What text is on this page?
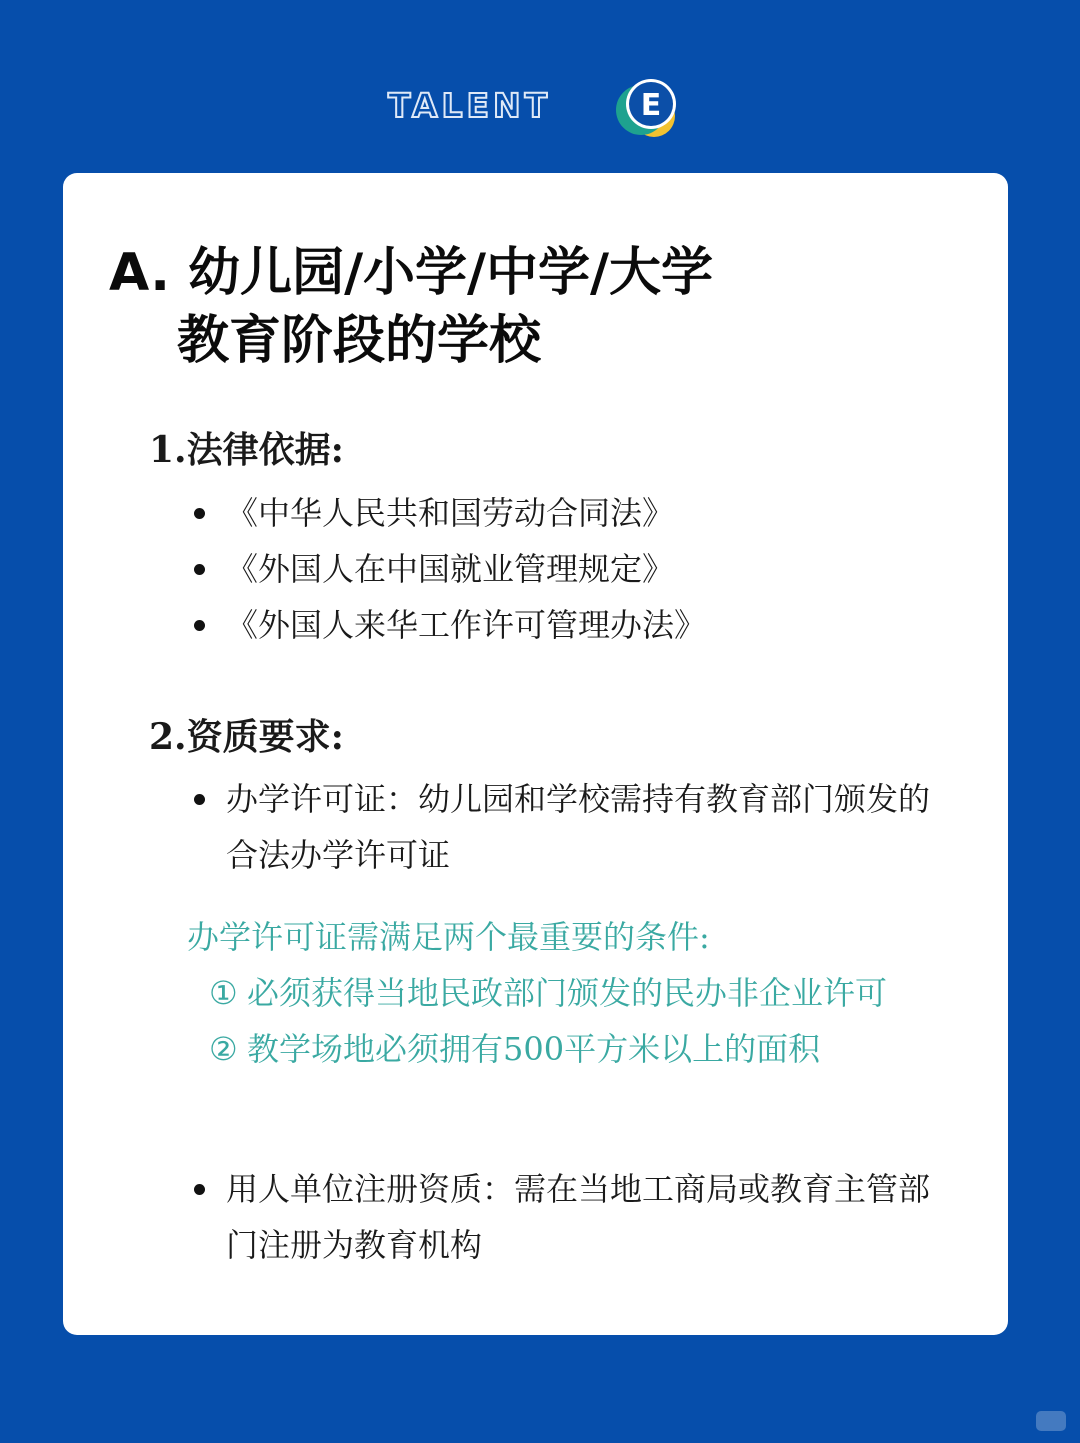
TALENT	E
A. 幼儿园/小学/中学/大学
教育阶段的学校
1.法律依据:
《中华人民共和国劳动合同法》
《外国人在中国就业管理规定》
《外国人来华工作许可管理办法》
2.资质要求:
办学许可证：幼儿园和学校需持有教育部门颁发的合法办学许可证

办学许可证需满足两个最重要的条件:

① 必须获得当地民政部门颁发的民办非企业许可

② 教学场地必须拥有500平方米以上的面积

用人单位注册资质：需在当地工商局或教育主管部门注册为教育机构
